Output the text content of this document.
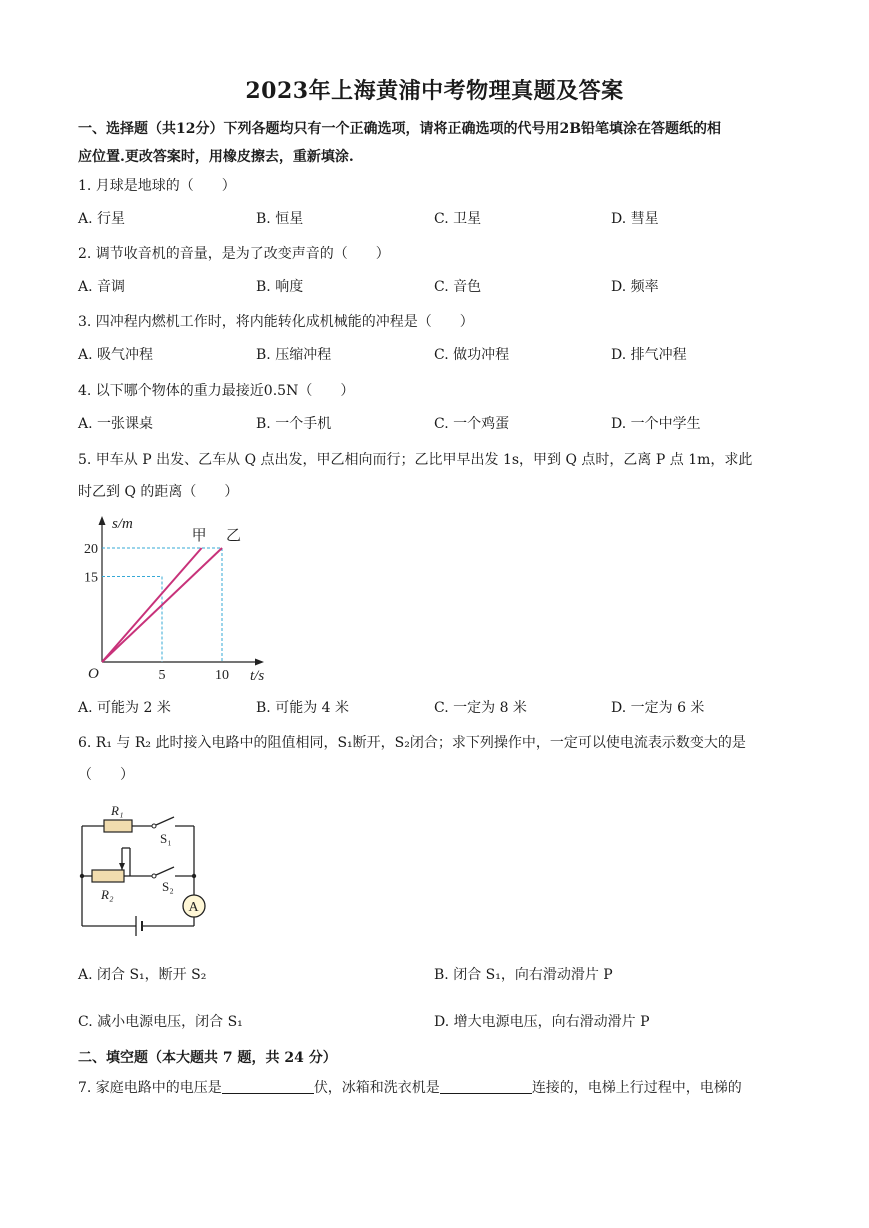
2023年上海黄浦中考物理真题及答案
一、选择题（共12分）下列各题均只有一个正确选项，请将正确选项的代号用2B铅笔填涂在答题纸的相
应位置.更改答案时，用橡皮擦去，重新填涂.
1. 月球是地球的（　　）
A. 行星	B. 恒星	C. 卫星	D. 彗星
2. 调节收音机的音量，是为了改变声音的（　　）
A. 音调	B. 响度	C. 音色	D. 频率
3. 四冲程内燃机工作时，将内能转化成机械能的冲程是（　　）
A. 吸气冲程	B. 压缩冲程	C. 做功冲程	D. 排气冲程
4. 以下哪个物体的重力最接近0.5N（　　）
A. 一张课桌	B. 一个手机	C. 一个鸡蛋	D. 一个中学生
5. 甲车从 P 出发、乙车从 Q 点出发，甲乙相向而行；乙比甲早出发 1s，甲到 Q 点时，乙离 P 点 1m，求此
时乙到 Q 的距离（　　）
甲 乙
5	10
15
20
s/m
t/s
O
A. 可能为 2 米	B. 可能为 4 米	C. 一定为 8 米	D. 一定为 6 米
6. R₁ 与 R₂ 此时接入电路中的阻值相同，S₁断开，S₂闭合；求下列操作中，一定可以使电流表示数变大的是
（　　）
R₁
S₁
R₂
S₂
A
A. 闭合 S₁，断开 S₂	B. 闭合 S₁，向右滑动滑片 P
C. 减小电源电压，闭合 S₁	D. 增大电源电压，向右滑动滑片 P
二、填空题（本大题共 7 题，共 24 分）
7. 家庭电路中的电压是	伏，冰箱和洗衣机是	连接的，电梯上行过程中，电梯的
